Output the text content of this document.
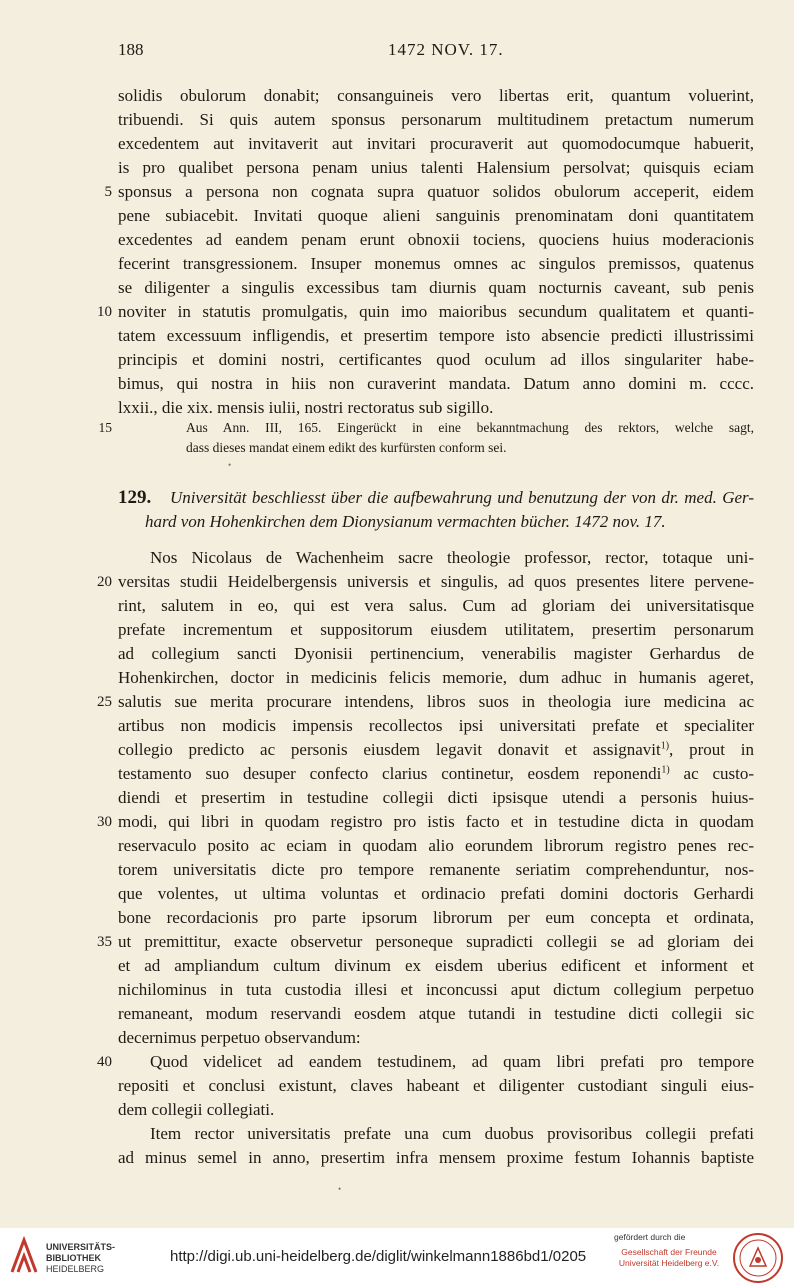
188	1472 NOV. 17.
solidis obulorum donabit; consanguineis vero libertas erit, quantum voluerint,
tribuendi. Si quis autem sponsus personarum multitudinem pretactum numerum
excedentem aut invitaverit aut invitari procuraverit aut quomodocumque habuerit,
is pro qualibet persona penam unius talenti Halensium persolvat; quisquis eciam
5 sponsus a persona non cognata supra quatuor solidos obulorum acceperit, eidem
pene subiacebit. Invitati quoque alieni sanguinis prenominatam doni quantitatem
excedentes ad eandem penam erunt obnoxii tociens, quociens huius moderacionis
fecerint transgressionem. Insuper monemus omnes ac singulos premissos, quatenus
se diligenter a singulis excessibus tam diurnis quam nocturnis caveant, sub penis
10 noviter in statutis promulgatis, quin imo maioribus secundum qualitatem et quanti-
tatem excessuum infligendis, et presertim tempore isto absencie predicti illustrissimi
principis et domini nostri, certificantes quod oculum ad illos singulariter habe-
bimus, qui nostra in hiis non curaverint mandata. Datum anno domini m. cccc.
lxxii., die xix. mensis iulii, nostri rectoratus sub sigillo.
15	Aus Ann. III, 165. Eingerückt in eine bekanntmachung des rektors, welche sagt,
dass dieses mandat einem edikt des kurfürsten conform sei.
•
129. Universität beschliesst über die aufbewahrung und benutzung der von dr. med. Ger-
hard von Hohenkirchen dem Dionysianum vermachten bücher. 1472 nov. 17.
Nos Nicolaus de Wachenheim sacre theologie professor, rector, totaque uni-
20 versitas studii Heidelbergensis universis et singulis, ad quos presentes litere pervene-
rint, salutem in eo, qui est vera salus. Cum ad gloriam dei universitatisque
prefate incrementum et suppositorum eiusdem utilitatem, presertim personarum
ad collegium sancti Dyonisii pertinencium, venerabilis magister Gerhardus de
Hohenkirchen, doctor in medicinis felicis memorie, dum adhuc in humanis ageret,
25 salutis sue merita procurare intendens, libros suos in theologia iure medicina ac
artibus non modicis impensis recollectos ipsi universitati prefate et specialiter
collegio predicto ac personis eiusdem legavit donavit et assignavit$^{1)}$, prout in
testamento suo desuper confecto clarius continetur, eosdem reponendi$^{1)}$ ac custo-
diendi et presertim in testudine collegii dicti ipsisque utendi a personis huius-
30 modi, qui libri in quodam registro pro istis facto et in testudine dicta in quodam
reservaculo posito ac eciam in quodam alio eorundem librorum registro penes rec-
torem universitatis dicte pro tempore remanente seriatim comprehenduntur, nos-
que volentes, ut ultima voluntas et ordinacio prefati domini doctoris Gerhardi
bone recordacionis pro parte ipsorum librorum per eum concepta et ordinata,
35 ut premittitur, exacte observetur personeque supradicti collegii se ad gloriam dei
et ad ampliandum cultum divinum ex eisdem uberius edificent et informent et
nichilominus in tuta custodia illesi et inconcussi aput dictum collegium perpetuo
remaneant, modum reservandi eosdem atque tutandi in testudine dicti collegii sic
decernimus perpetuo observandum:
40 Quod videlicet ad eandem testudinem, ad quam libri prefati pro tempore
repositi et conclusi existunt, claves habeant et diligenter custodiant singuli eius-
dem collegii collegiati.
Item rector universitatis prefate una cum duobus provisoribus collegii prefati
ad minus semel in anno, presertim infra mensem proxime festum Iohannis baptiste
•
UNIVERSITÄTS-
BIBLIOTHEK
HEIDELBERG
http://digi.ub.uni-heidelberg.de/diglit/winkelmann1886bd1/0205
gefördert durch die
Gesellschaft der Freunde
Universität Heidelberg e.V.
